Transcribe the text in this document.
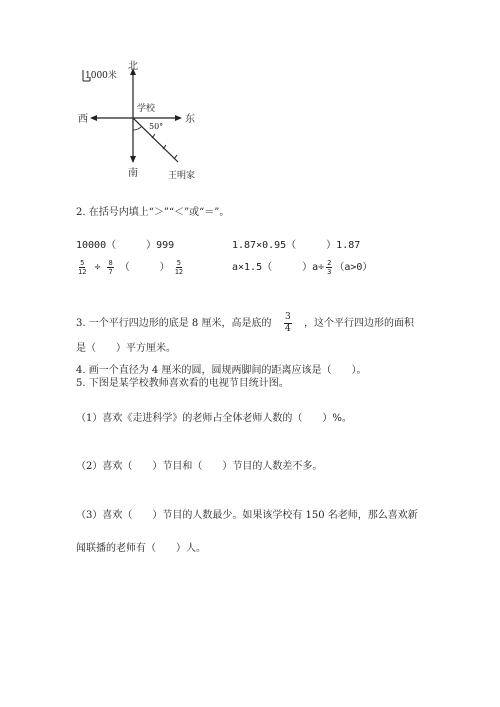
1000米
北
南
西	东
学校
50°
王明家
2. 在括号内填上“＞”“＜”或“＝”。
10000（　　　）999	1.87×0.95（　　　）1.87
$\frac{5}{12} \div \frac{8}{7}$ （　　　） $\frac{5}{12}$	a×1.5（　　　）$a\div \frac{2}{3} (a>0)$
3. 一个平行四边形的底是 8 厘米，高是底的 $\frac{3}{4}$ ，这个平行四边形的面积
是（　　）平方厘米。
4. 画一个直径为 4 厘米的圆，圆规两脚间的距离应该是（　　）。
5. 下图是某学校教师喜欢看的电视节目统计图。
（1）喜欢《走进科学》的老师占全体老师人数的（　　）%。
（2）喜欢（　　）节目和（　　）节目的人数差不多。
（3）喜欢（　　）节目的人数最少。如果该学校有 150 名老师，那么喜欢新
闻联播的老师有（　　）人。
